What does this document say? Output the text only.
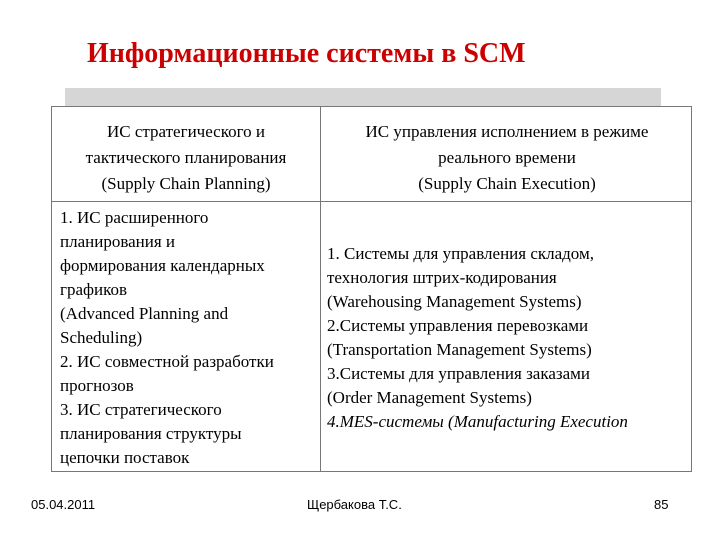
Информационные системы в SCM
ИС стратегического и
тактического планирования
(Supply Chain Planning)
ИС управления исполнением в режиме
реального времени
(Supply Chain Execution)
1. ИС расширенного
планирования и
формирования календарных
графиков
(Advanced Planning and
Scheduling)
2. ИС совместной разработки
прогнозов
3. ИС стратегического
планирования структуры
цепочки поставок
1. Системы для управления складом,
технология штрих-кодирования
(Warehousing Management Systems)
2.Системы управления перевозками
(Transportation Management Systems)
3.Системы для управления заказами
(Order Management Systems)
4.MES-системы (Manufacturing Execution
05.04.2011	Щербакова Т.С.	85
